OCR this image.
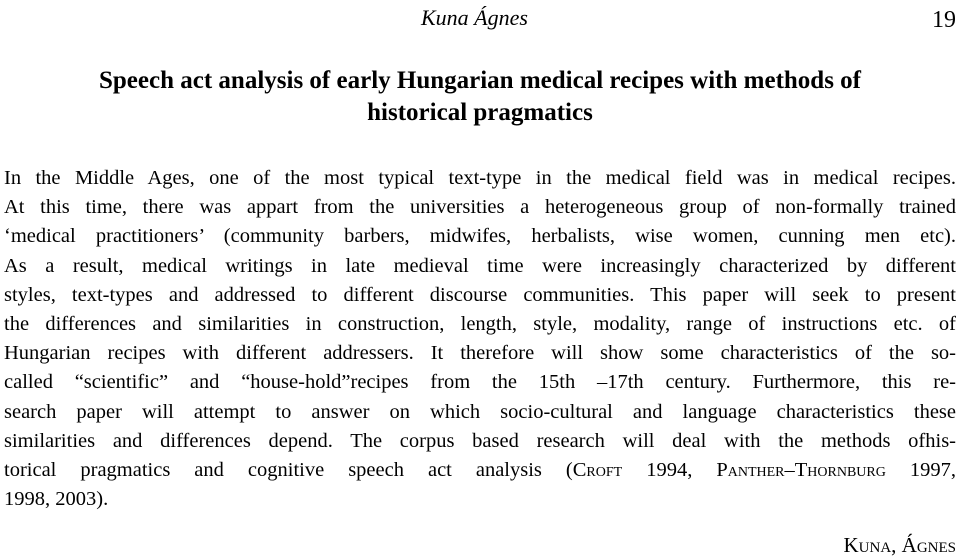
Kuna Ágnes	19
Speech act analysis of early Hungarian medical recipes with methods of
historical pragmatics
In the Middle Ages, one of the most typical text-type in the medical field was in medical recipes.
At this time, there was appart from the universities a heterogeneous group of non-formally trained
‘medical practitioners’ (community barbers, midwifes, herbalists, wise women, cunning men etc).
As a result, medical writings in late medieval time were increasingly characterized by different
styles, text-types and addressed to different discourse communities. This paper will seek to present
the differences and similarities in construction, length, style, modality, range of instructions etc. of
Hungarian recipes with different addressers. It therefore will show some characteristics of the so-
called “scientific” and “house-hold”recipes from the 15th –17th century. Furthermore, this re-
search paper will attempt to answer on which socio-cultural and language characteristics these
similarities and differences depend. The corpus based research will deal with the methods ofhis-
torical pragmatics and cognitive speech act analysis (Croft 1994, Panther–Thornburg 1997,
1998, 2003).
Kuna, Ágnes
